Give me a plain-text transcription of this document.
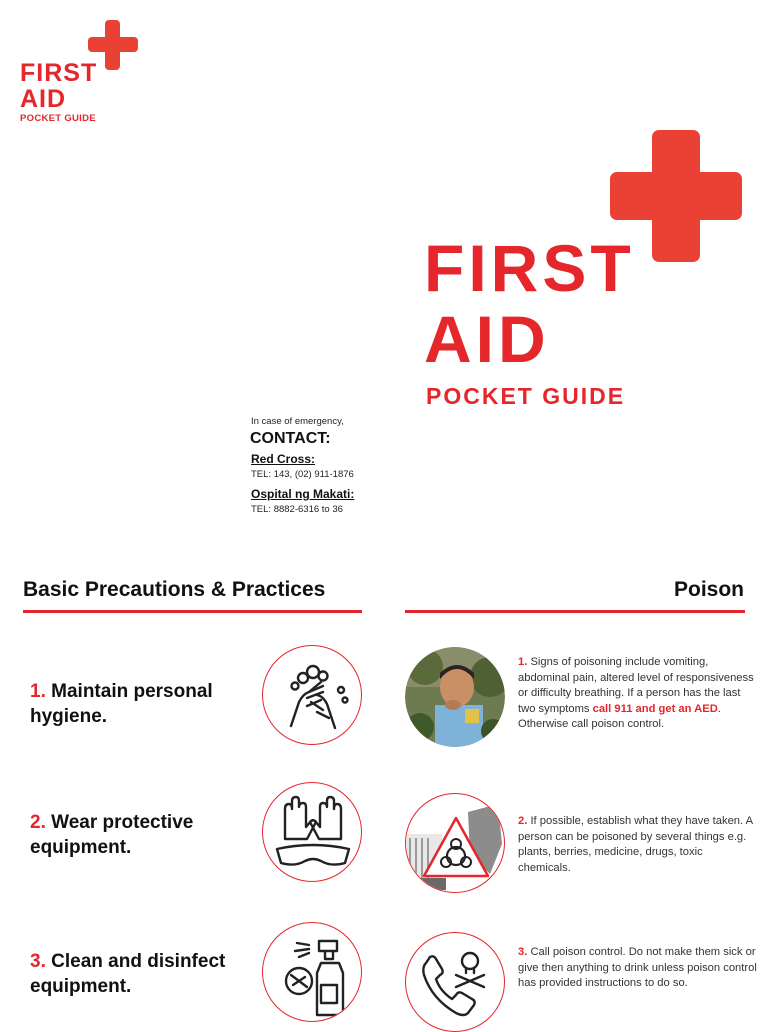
FIRST
AID
POCKET GUIDE
FIRST
AID
POCKET GUIDE
In case of emergency,
CONTACT:
Red Cross:
TEL: 143, (02) 911-1876
Ospital ng Makati:
TEL: 8882-6316 to 36
Basic Precautions & Practices	Poison
1. Maintain personal hygiene.
2. Wear protective equipment.
3. Clean and disinfect equipment.
1. Signs of poisoning include vomiting, abdominal pain, altered level of responsiveness or difficulty breathing. If a person has the last two symptoms call 911 and get an AED. Otherwise call poison control.
2. If possible, establish what they have taken. A person can be poisoned by several things e.g. plants, berries, medicine, drugs, toxic chemicals.
3. Call poison control. Do not make them sick or give then anything to drink unless poison control has provided instructions to do so.
